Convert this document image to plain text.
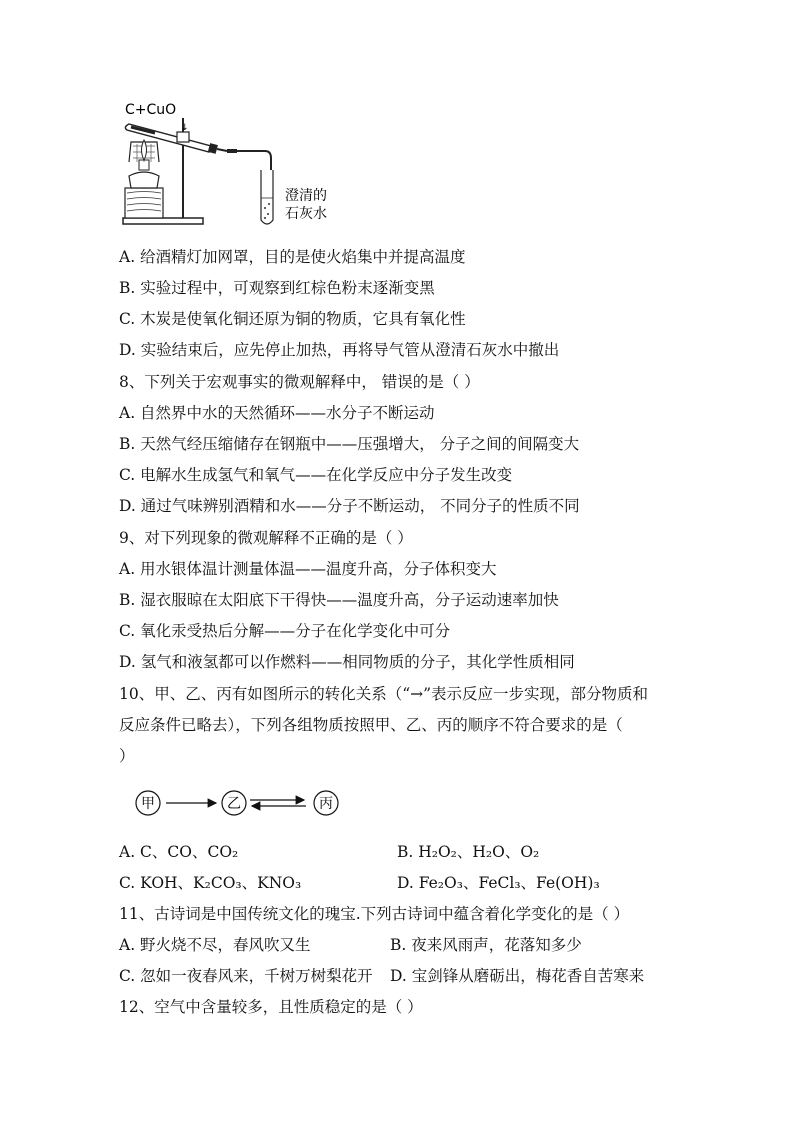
C+CuO
↓
澄清的
石灰水
A. 给酒精灯加网罩，目的是使火焰集中并提高温度
B. 实验过程中，可观察到红棕色粉末逐渐变黑
C. 木炭是使氧化铜还原为铜的物质，它具有氧化性
D. 实验结束后，应先停止加热，再将导气管从澄清石灰水中撤出
8、下列关于宏观事实的微观解释中， 错误的是（ ）
A. 自然界中水的天然循环——水分子不断运动
B. 天然气经压缩储存在钢瓶中——压强增大， 分子之间的间隔变大
C. 电解水生成氢气和氧气——在化学反应中分子发生改变
D. 通过气味辨别酒精和水——分子不断运动， 不同分子的性质不同
9、对下列现象的微观解释不正确的是（ ）
A. 用水银体温计测量体温——温度升高，分子体积变大
B. 湿衣服晾在太阳底下干得快——温度升高，分子运动速率加快
C. 氧化汞受热后分解——分子在化学变化中可分
D. 氢气和液氢都可以作燃料——相同物质的分子，其化学性质相同
10、甲、乙、丙有如图所示的转化关系（“→”表示反应一步实现，部分物质和
反应条件已略去），下列各组物质按照甲、乙、丙的顺序不符合要求的是（
）
甲	乙	丙
A. C、CO、CO₂	B. H₂O₂、H₂O、O₂
C. KOH、K₂CO₃、KNO₃	D. Fe₂O₃、FeCl₃、Fe(OH)₃
11、古诗词是中国传统文化的瑰宝.下列古诗词中蕴含着化学变化的是（ ）
A. 野火烧不尽，春风吹又生	B. 夜来风雨声，花落知多少
C. 忽如一夜春风来，千树万树梨花开 D. 宝剑锋从磨砺出，梅花香自苦寒来
12、空气中含量较多，且性质稳定的是（ ）
